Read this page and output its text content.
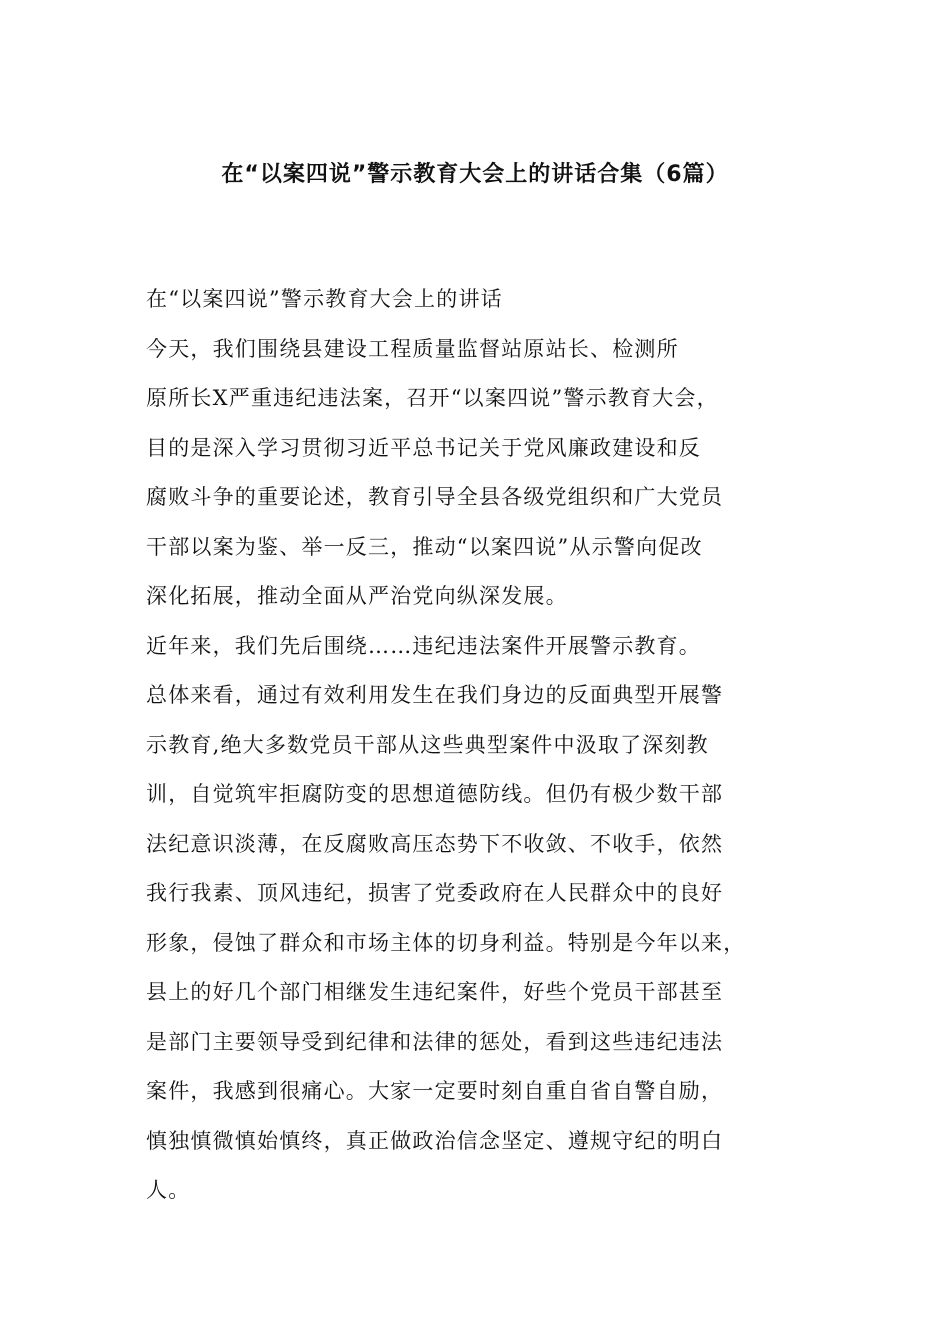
在“以案四说”警示教育大会上的讲话合集（6篇）
在“以案四说”警示教育大会上的讲话
今天，我们围绕县建设工程质量监督站原站长、检测所
原所长X严重违纪违法案，召开“以案四说”警示教育大会，
目的是深入学习贯彻习近平总书记关于党风廉政建设和反
腐败斗争的重要论述，教育引导全县各级党组织和广大党员
干部以案为鉴、举一反三，推动“以案四说”从示警向促改
深化拓展，推动全面从严治党向纵深发展。
近年来，我们先后围绕……违纪违法案件开展警示教育。
总体来看，通过有效利用发生在我们身边的反面典型开展警
示教育,绝大多数党员干部从这些典型案件中汲取了深刻教
训，自觉筑牢拒腐防变的思想道德防线。但仍有极少数干部
法纪意识淡薄，在反腐败高压态势下不收敛、不收手，依然
我行我素、顶风违纪，损害了党委政府在人民群众中的良好
形象，侵蚀了群众和市场主体的切身利益。特别是今年以来，
县上的好几个部门相继发生违纪案件，好些个党员干部甚至
是部门主要领导受到纪律和法律的惩处，看到这些违纪违法
案件，我感到很痛心。大家一定要时刻自重自省自警自励，
慎独慎微慎始慎终，真正做政治信念坚定、遵规守纪的明白
人。
